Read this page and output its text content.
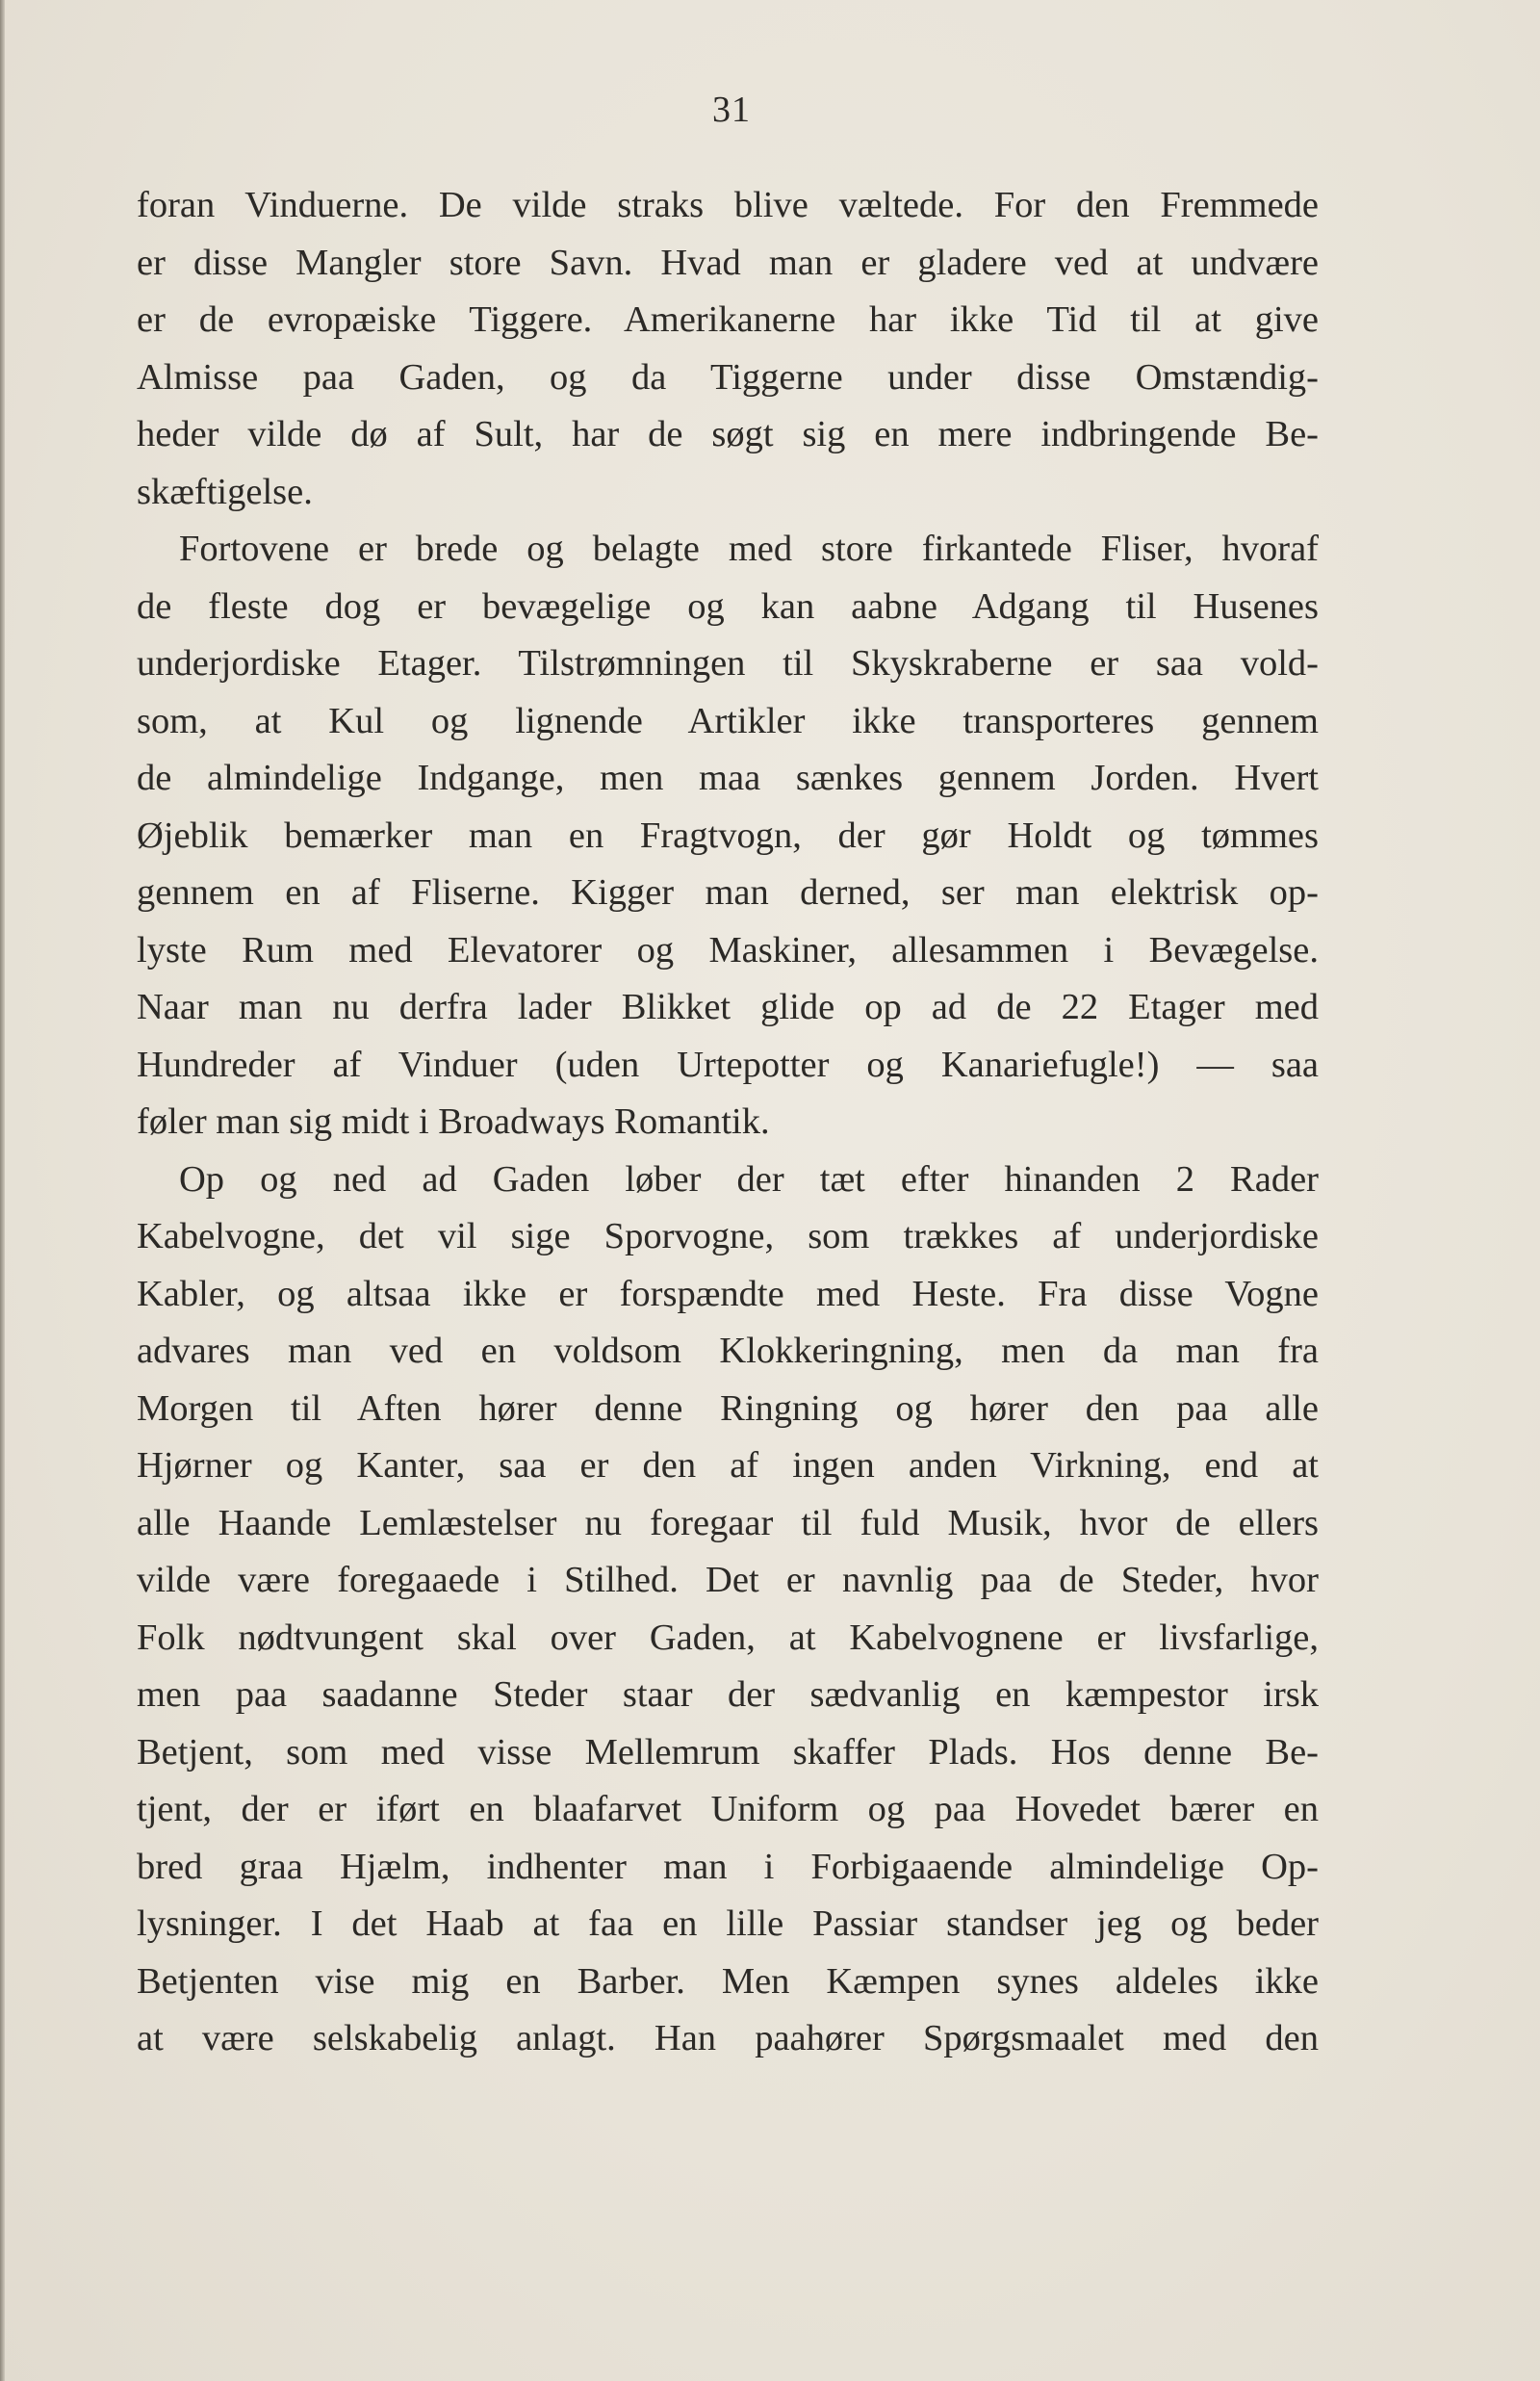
31
foran Vinduerne. De vilde straks blive væltede. For den Fremmede
er disse Mangler store Savn. Hvad man er gladere ved at undvære
er de evropæiske Tiggere. Amerikanerne har ikke Tid til at give
Almisse paa Gaden, og da Tiggerne under disse Omstændig-
heder vilde dø af Sult, har de søgt sig en mere indbringende Be-
skæftigelse.
Fortovene er brede og belagte med store firkantede Fliser, hvoraf
de fleste dog er bevægelige og kan aabne Adgang til Husenes
underjordiske Etager. Tilstrømningen til Skyskraberne er saa vold-
som, at Kul og lignende Artikler ikke transporteres gennem
de almindelige Indgange, men maa sænkes gennem Jorden. Hvert
Øjeblik bemærker man en Fragtvogn, der gør Holdt og tømmes
gennem en af Fliserne. Kigger man derned, ser man elektrisk op-
lyste Rum med Elevatorer og Maskiner, allesammen i Bevægelse.
Naar man nu derfra lader Blikket glide op ad de 22 Etager med
Hundreder af Vinduer (uden Urtepotter og Kanariefugle!) — saa
føler man sig midt i Broadways Romantik.
Op og ned ad Gaden løber der tæt efter hinanden 2 Rader
Kabelvogne, det vil sige Sporvogne, som trækkes af underjordiske
Kabler, og altsaa ikke er forspændte med Heste. Fra disse Vogne
advares man ved en voldsom Klokkeringning, men da man fra
Morgen til Aften hører denne Ringning og hører den paa alle
Hjørner og Kanter, saa er den af ingen anden Virkning, end at
alle Haande Lemlæstelser nu foregaar til fuld Musik, hvor de ellers
vilde være foregaaede i Stilhed. Det er navnlig paa de Steder, hvor
Folk nødtvungent skal over Gaden, at Kabelvognene er livsfarlige,
men paa saadanne Steder staar der sædvanlig en kæmpestor irsk
Betjent, som med visse Mellemrum skaffer Plads. Hos denne Be-
tjent, der er iført en blaafarvet Uniform og paa Hovedet bærer en
bred graa Hjælm, indhenter man i Forbigaaende almindelige Op-
lysninger. I det Haab at faa en lille Passiar standser jeg og beder
Betjenten vise mig en Barber. Men Kæmpen synes aldeles ikke
at være selskabelig anlagt. Han paahører Spørgsmaalet med den
